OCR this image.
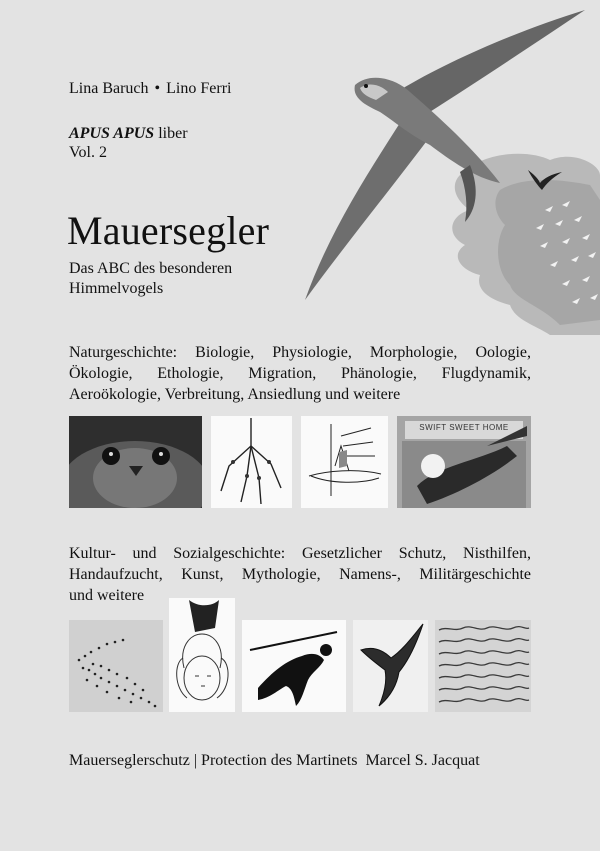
Lina Baruch • Lino Ferri
APUS APUS liber
Vol. 2
Mauersegler
Das ABC des besonderen
Himmelvogels
Naturgeschichte: Biologie, Physiologie, Morphologie, Oologie,
Ökologie, Ethologie, Migration, Phänologie, Flugdynamik,
Aeroökologie, Verbreitung, Ansiedlung und weitere
SWIFT SWEET HOME
Kultur- und Sozialgeschichte: Gesetzlicher Schutz, Nisthilfen,
Handaufzucht, Kunst, Mythologie, Namens-, Militärgeschichte
und weitere
Mauerseglerschutz | Protection des Martinets Marcel S. Jacquat
